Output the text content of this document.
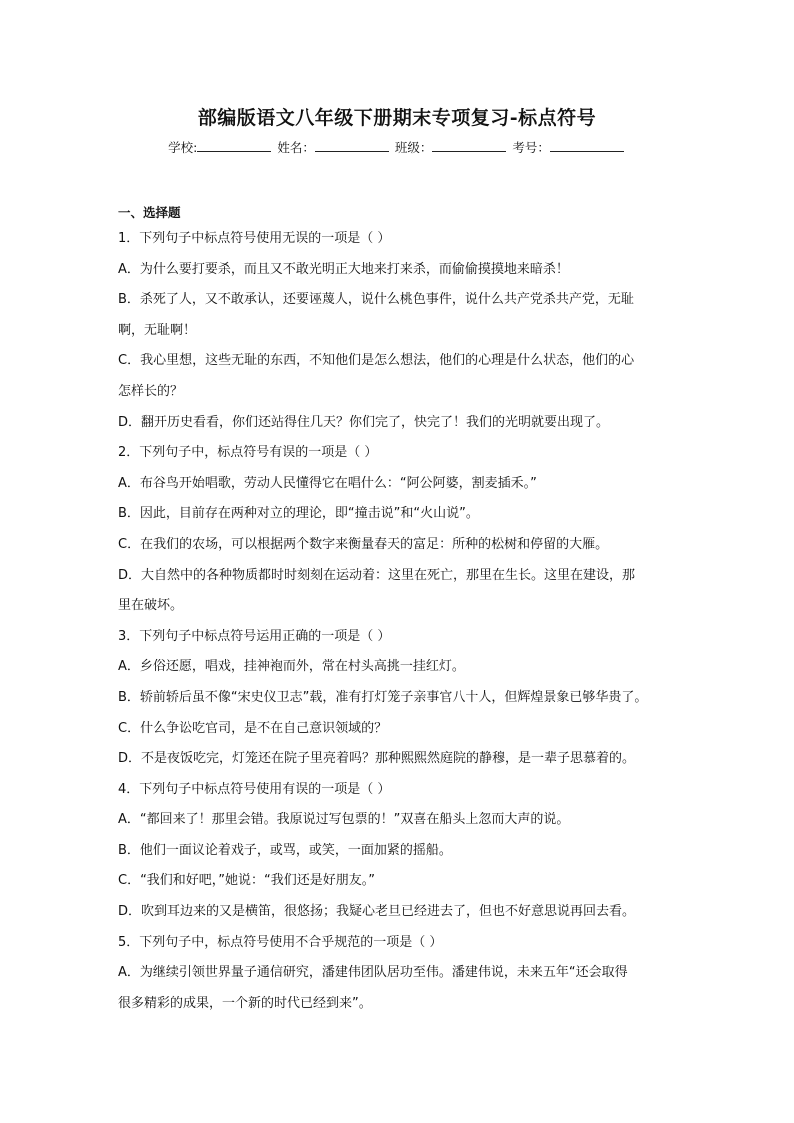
部编版语文八年级下册期末专项复习-标点符号
学校:	姓名：	班级：	考号：
一、选择题
1．下列句子中标点符号使用无误的一项是（ ）
A．为什么要打要杀，而且又不敢光明正大地来打来杀，而偷偷摸摸地来暗杀！
B．杀死了人，又不敢承认，还要诬蔑人，说什么桃色事件，说什么共产党杀共产党，无耻
啊，无耻啊！
C．我心里想，这些无耻的东西，不知他们是怎么想法，他们的心理是什么状态，他们的心
怎样长的？
D．翻开历史看看，你们还站得住几天？你们完了，快完了！我们的光明就要出现了。
2．下列句子中，标点符号有误的一项是（ ）
A．布谷鸟开始唱歌，劳动人民懂得它在唱什么：“阿公阿婆，割麦插禾。”
B．因此，目前存在两种对立的理论，即“撞击说”和“火山说”。
C．在我们的农场，可以根据两个数字来衡量春天的富足：所种的松树和停留的大雁。
D．大自然中的各种物质都时时刻刻在运动着：这里在死亡，那里在生长。这里在建设，那
里在破坏。
3．下列句子中标点符号运用正确的一项是（ ）
A．乡俗还愿，唱戏，挂神袍而外，常在村头高挑一挂红灯。
B．轿前轿后虽不像“宋史仪卫志”载，准有打灯笼子亲事官八十人，但辉煌景象已够华贵了。
C．什么争讼吃官司，是不在自己意识领域的？
D．不是夜饭吃完，灯笼还在院子里亮着吗？那种熙熙然庭院的静穆，是一辈子思慕着的。
4．下列句子中标点符号使用有误的一项是（ ）
A．“都回来了！那里会错。我原说过写包票的！”双喜在船头上忽而大声的说。
B．他们一面议论着戏子，或骂，或笑，一面加紧的摇船。
C．“我们和好吧，”她说：“我们还是好朋友。”
D．吹到耳边来的又是横笛，很悠扬；我疑心老旦已经进去了，但也不好意思说再回去看。
5．下列句子中，标点符号使用不合乎规范的一项是（ ）
A．为继续引领世界量子通信研究，潘建伟团队居功至伟。潘建伟说，未来五年“还会取得
很多精彩的成果，一个新的时代已经到来”。
